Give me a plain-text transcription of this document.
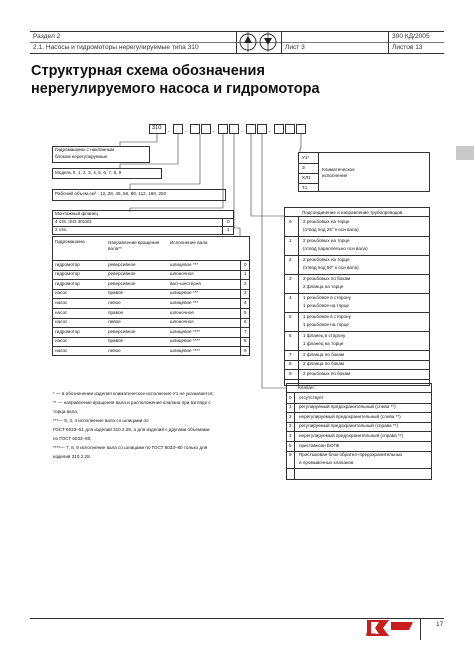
Раздел 2
2.1. Насосы и гидромоторы нерегулируемые типа 310	Лист 3
300 КД/2005
Листов 13
Структурная схема обозначения
нерегулируемого насоса и гидромотора
310 . .	.	.	.
Гидромашины с наклонным
блоком нерегулируемые
Модель 0, 1, 2, 3, 4, 5, 6, 7, 8, 9
Рабочий объем,см³ : 12, 28, 45, 56, 80, 112, 160, 250
Монтажный фланец
4 отв. ISO 3019/2	0
2 отв.	1
Гидромашина	Направление вращения вала**
Исполнение вала
гидромотор	реверсивное	шлицевое ***	0
гидромотор	реверсивное	шпоночное	1
гидромотор	реверсивное	вал–шестерня	2
насос	правое	шлицевое ***	3
насос	левое	шлицевое ***	4
насос	правое	шпоночное	5
насос	левое	шпоночное	6
гидромотор	реверсивное	шлицевое ****	7
насос	правое	шлицевое ****	8
насос	левое	шлицевое ****	9
У1*
З
ХЛ1
Т1
Климатическое
исполнение
Подсоединение и направление трубопроводов
0 2 резьбовых на торце
(отвод под 25° к оси вала)
1 2 резьбовых на торце
(отвод параллельно оси вала)
2 2 резьбовых на торце
(отвод под 50° к оси вала)
3 2 резьбовых по бокам
2 фланца на торце
4 1 резьбовое в сторону
1 резьбовое на торце
5 1 резьбовое в сторону
1 резьбовое на торце
6 1 фланец в сторону
1 фланец на торце
7 2 фланца по бокам
8 2 фланца по бокам
9 2 резьбовых по бокам
Клапан:
0 отсутствует
1 регулируемый предохранительный (слева **)
2 нерегулируемый предохранительный (слева **)
3 регулируемый предохранительный (справа **)
4 нерегулируемый предохранительный (справа **)
5 приставкоан БОПК
6 Пристыкован блок обратно–предохранительных
и промывочных клапанов
* — в обозначении изделия климатическое исполнение У1 не указывается;
** — направление вращения вала и расположение клапана при взгляде с
торца вала;
***— 0, 3, 4 исполнение вала со шлицами по
ГОСТ 6033–51 для изделий 310.2.28, а для изделий с другими объемами
по ГОСТ 6033–80;
****— 7, 8, 9 исполнение вала со шлицами по ГОСТ 6033–80 только для
изделий 310.2.28.
17
PSM
